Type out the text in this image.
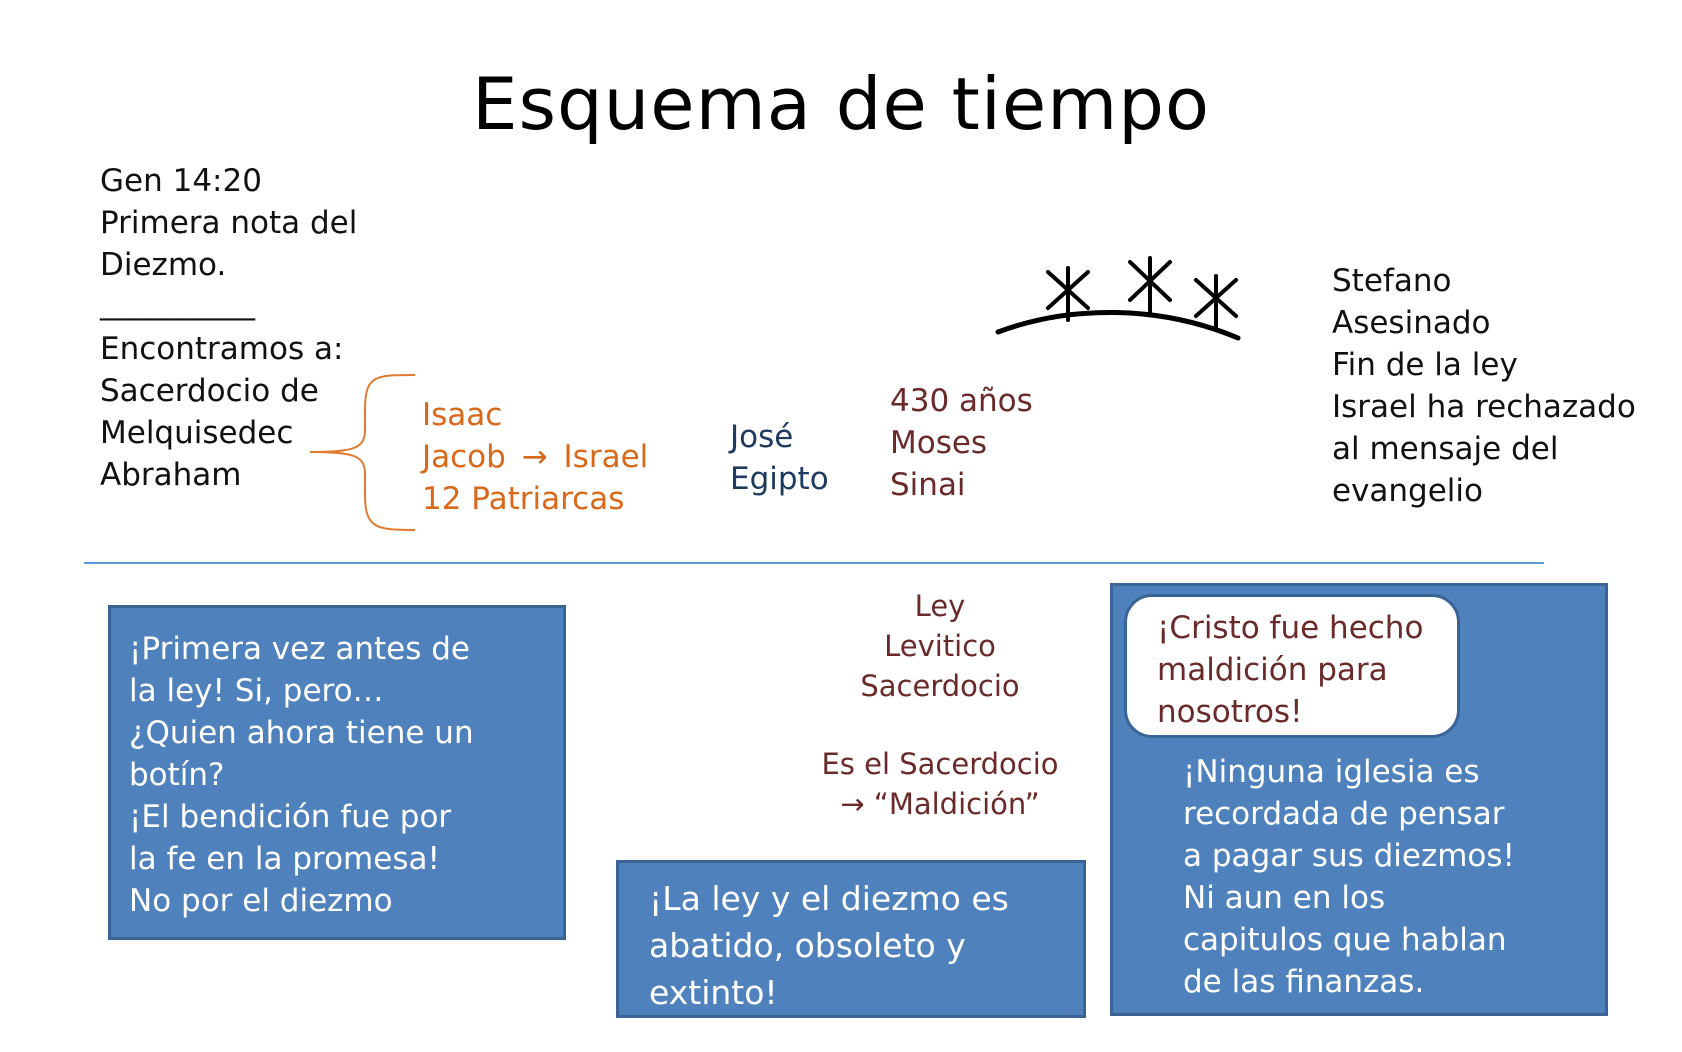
Esquema de tiempo
Gen 14:20
Primera nota del
Diezmo.
__________
Encontramos a:
Sacerdocio de
Melquisedec
Abraham
Isaac
Jacob → Israel
12 Patriarcas
José
Egipto
430 años
Moses
Sinai
Stefano
Asesinado
Fin de la ley
Israel ha rechazado
al mensaje del
evangelio
¡Primera vez antes de
la ley! Si, pero…
¿Quien ahora tiene un
botín?
¡El bendición fue por
la fe en la promesa!
No por el diezmo
Ley
Levitico
Sacerdocio
Es el Sacerdocio
→ “Maldición”
¡La ley y el diezmo es
abatido, obsoleto y
extinto!
¡Ninguna iglesia es
recordada de pensar
a pagar sus diezmos!
Ni aun en los
capitulos que hablan
de las finanzas.
¡Cristo fue hecho
maldición para
nosotros!
